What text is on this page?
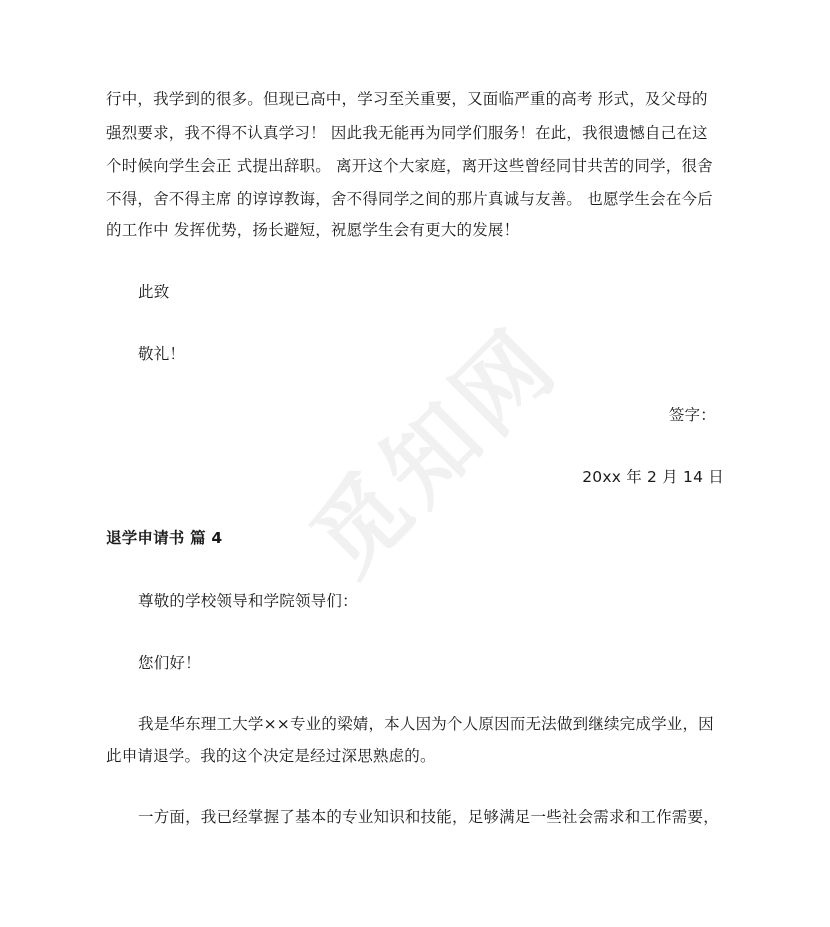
觅知网
行中，我学到的很多。但现已高中，学习至关重要，又面临严重的高考 形式，及父母的
强烈要求，我不得不认真学习！ 因此我无能再为同学们服务！在此，我很遗憾自己在这
个时候向学生会正 式提出辞职。 离开这个大家庭，离开这些曾经同甘共苦的同学，很舍
不得，舍不得主席 的谆谆教诲，舍不得同学之间的那片真诚与友善。 也愿学生会在今后
的工作中 发挥优势，扬长避短，祝愿学生会有更大的发展！
此致
敬礼！
签字：
20xx 年 2 月 14 日
退学申请书 篇 4
尊敬的学校领导和学院领导们：
您们好！
我是华东理工大学××专业的梁婧，本人因为个人原因而无法做到继续完成学业，因
此申请退学。我的这个决定是经过深思熟虑的。
一方面，我已经掌握了基本的专业知识和技能，足够满足一些社会需求和工作需要，
